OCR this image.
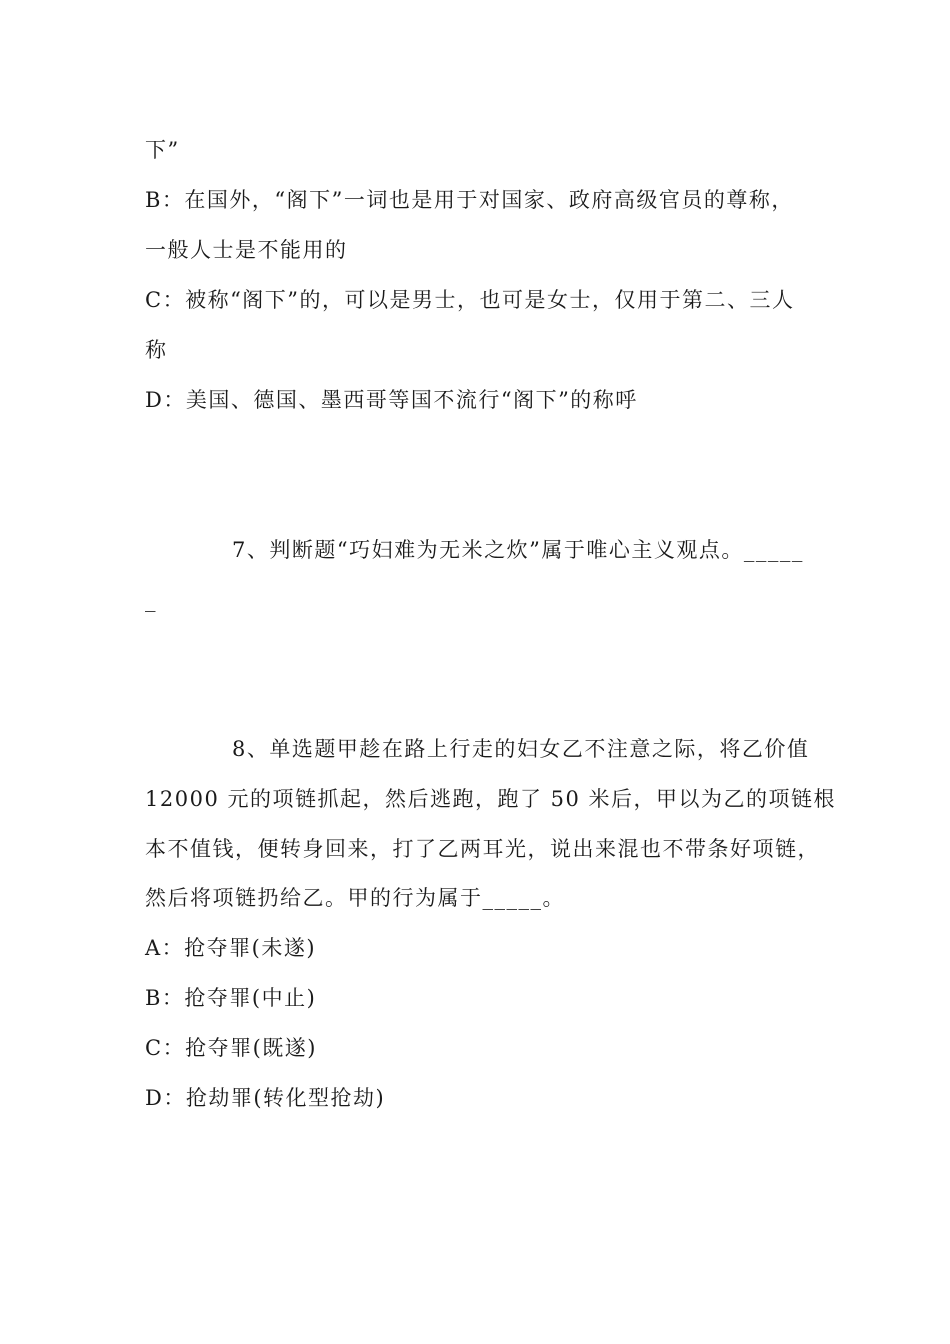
下”
B：在国外，“阁下”一词也是用于对国家、政府高级官员的尊称，
一般人士是不能用的
C：被称“阁下”的，可以是男士，也可是女士，仅用于第二、三人
称
D：美国、德国、墨西哥等国不流行“阁下”的称呼
7、判断题“巧妇难为无米之炊”属于唯心主义观点。_____
_
8、单选题甲趁在路上行走的妇女乙不注意之际，将乙价值
12000 元的项链抓起，然后逃跑，跑了 50 米后，甲以为乙的项链根
本不值钱，便转身回来，打了乙两耳光，说出来混也不带条好项链，
然后将项链扔给乙。甲的行为属于_____。
A：抢夺罪(未遂)
B：抢夺罪(中止)
C：抢夺罪(既遂)
D：抢劫罪(转化型抢劫)
